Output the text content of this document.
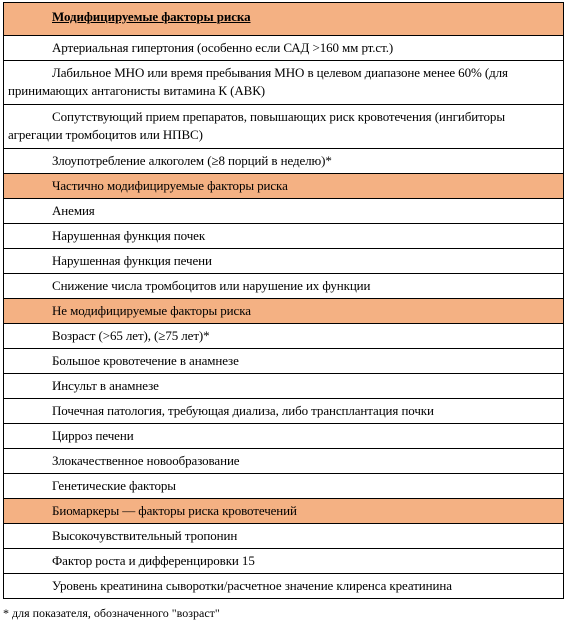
Модифицируемые факторы риска
Артериальная гипертония (особенно если САД >160 мм рт.ст.)
Лабильное МНО или время пребывания МНО в целевом диапазоне менее 60% (для принимающих антагонисты витамина К (АВК)
Сопутствующий прием препаратов, повышающих риск кровотечения (ингибиторы агрегации тромбоцитов или НПВС)
Злоупотребление алкоголем (≥8 порций в неделю)*
Частично модифицируемые факторы риска
Анемия
Нарушенная функция почек
Нарушенная функция печени
Снижение числа тромбоцитов или нарушение их функции
Не модифицируемые факторы риска
Возраст (>65 лет), (≥75 лет)*
Большое кровотечение в анамнезе
Инсульт в анамнезе
Почечная патология, требующая диализа, либо трансплантация почки
Цирроз печени
Злокачественное новообразование
Генетические факторы
Биомаркеры — факторы риска кровотечений
Высокочувствительный тропонин
Фактор роста и дифференцировки 15
Уровень креатинина сыворотки/расчетное значение клиренса креатинина
* для показателя, обозначенного "возраст"
